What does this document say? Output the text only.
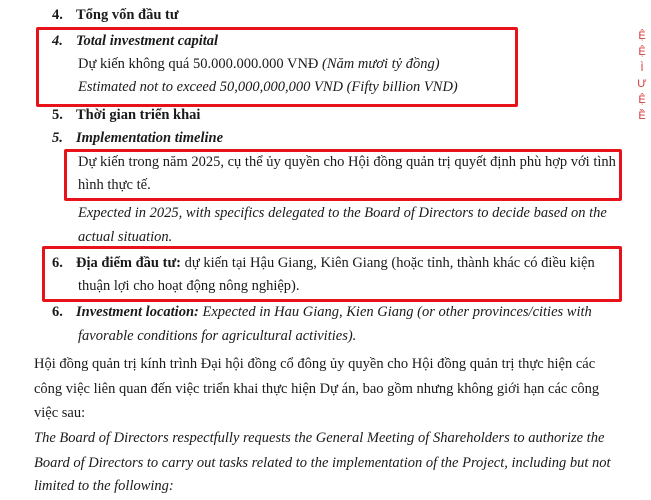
4. Tổng vốn đầu tư
4. Total investment capital
Dự kiến không quá 50.000.000.000 VNĐ (Năm mươi tỷ đồng)
Estimated not to exceed 50,000,000,000 VND (Fifty billion VND)
5. Thời gian triển khai
5. Implementation timeline
Dự kiến trong năm 2025, cụ thể ủy quyền cho Hội đồng quản trị quyết định phù hợp với tình
hình thực tế.
Expected in 2025, with specifics delegated to the Board of Directors to decide based on the
actual situation.
6. Địa điểm đầu tư: dự kiến tại Hậu Giang, Kiên Giang (hoặc tỉnh, thành khác có điều kiện
thuận lợi cho hoạt động nông nghiệp).
6. Investment location: Expected in Hau Giang, Kien Giang (or other provinces/cities with
favorable conditions for agricultural activities).
Hội đồng quản trị kính trình Đại hội đồng cổ đông ủy quyền cho Hội đồng quản trị thực hiện các
công việc liên quan đến việc triển khai thực hiện Dự án, bao gồm nhưng không giới hạn các công
việc sau:
The Board of Directors respectfully requests the General Meeting of Shareholders to authorize the
Board of Directors to carry out tasks related to the implementation of the Project, including but not
limited to the following:
Ệ
Ệ
Ì
Ư
Ệ
Ề
